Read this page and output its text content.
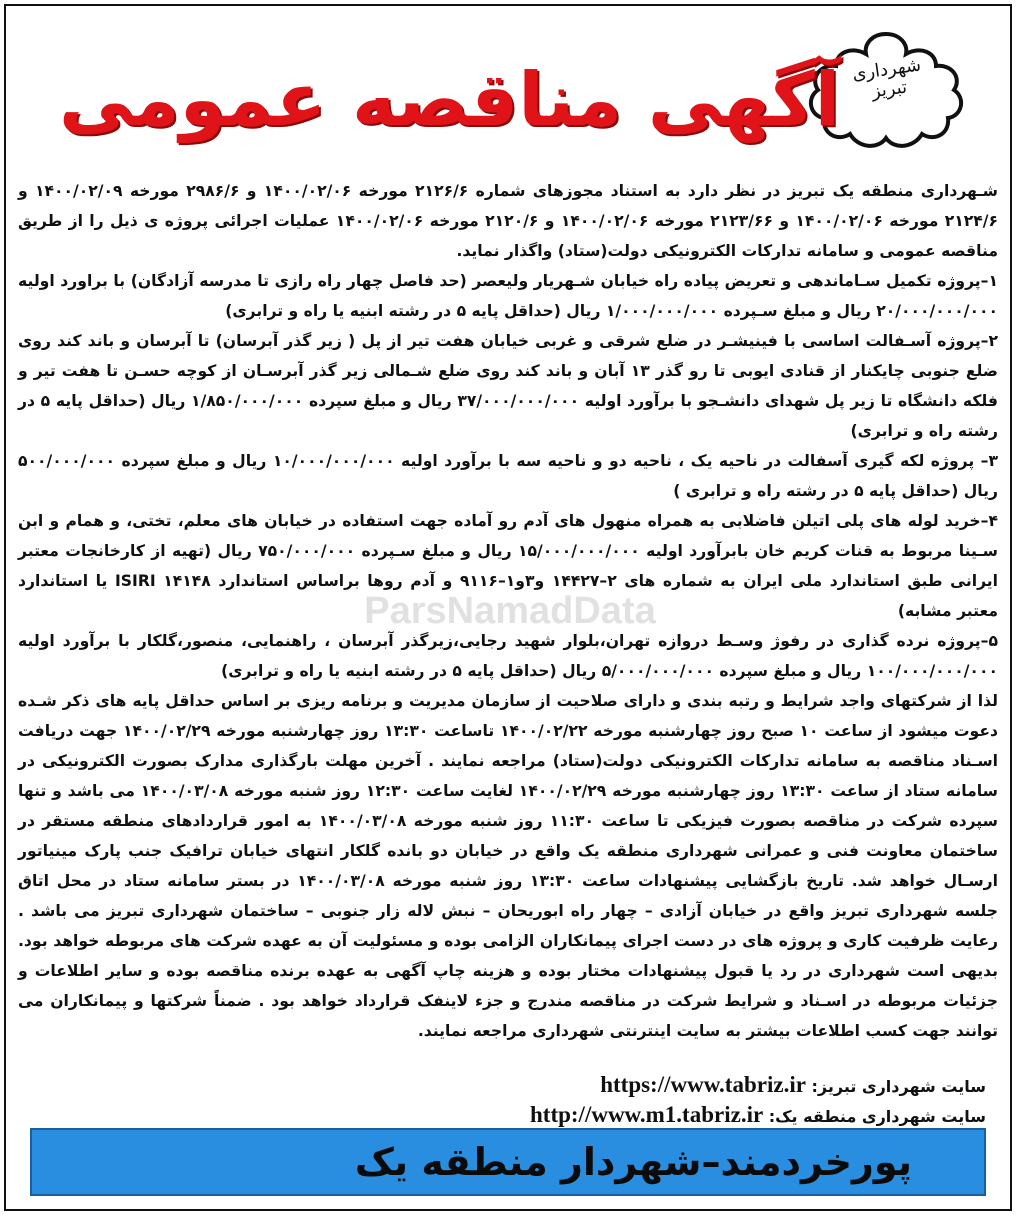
شهرداری تبریز
آگهی مناقصه عمومی
ParsNamadData

شـهرداری منطقه یک تبریز در نظر دارد به استناد مجوزهای شماره ۲۱۲۶/۶ مورخه ۱۴۰۰/۰۲/۰۶ و ۲۹۸۶/۶ مورخه ۱۴۰۰/۰۲/۰۹ و ۲۱۲۴/۶ مورخه ۱۴۰۰/۰۲/۰۶ و ۲۱۲۳/۶۶ مورخه ۱۴۰۰/۰۲/۰۶ و ۲۱۲۰/۶ مورخه ۱۴۰۰/۰۲/۰۶ عملیات اجرائی پروژه ی ذیل را از طریق مناقصه عمومی و سامانه تدارکات الکترونیکی دولت(ستاد) واگذار نماید.

۱–پروژه تکمیل سـاماندهی و تعریض پیاده راه خیابان شـهریار ولیعصر (حد فاصل چهار راه رازی تا مدرسه آزادگان) با براورد اولیه ۲۰/۰۰۰/۰۰۰/۰۰۰ ریال و مبلغ سـپرده ۱/۰۰۰/۰۰۰/۰۰۰ ریال (حداقل پایه ۵ در رشته ابنیه یا راه و ترابری)

۲–پروژه آسـفالت اساسی با فینیشـر در ضلع شرقی و غربی خیابان هفت تیر از پل ( زیر گذر آبرسان) تا آبرسان و باند کند روی ضلع جنوبی چایکنار از قنادی ایوبی تا رو گذر ۱۳ آبان و باند کند روی ضلع شـمالی زیر گذر آبرسـان از کوچه حسـن تا هفت تیر و فلکه دانشگاه تا زیر پل شهدای دانشـجو با برآورد اولیه ۳۷/۰۰۰/۰۰۰/۰۰۰ ریال و مبلغ سپرده ۱/۸۵۰/۰۰۰/۰۰۰ ریال (حداقل پایه ۵ در رشته راه و ترابری)

۳– پروژه لکه گیری آسفالت در ناحیه یک ، ناحیه دو و ناحیه سه با برآورد اولیه ۱۰/۰۰۰/۰۰۰/۰۰۰ ریال و مبلغ سپرده ۵۰۰/۰۰۰/۰۰۰ ریال (حداقل پایه ۵ در رشته راه و ترابری )

۴–خرید لوله های پلی اتیلن فاضلابی به همراه منهول های آدم رو آماده جهت استفاده در خیابان های معلم، تختی، و همام و ابن سـینا مربوط به قنات کریم خان بابرآورد اولیه ۱۵/۰۰۰/۰۰۰/۰۰۰ ریال و مبلغ سـپرده ۷۵۰/۰۰۰/۰۰۰ ریال (تهیه از کارخانجات معتبر ایرانی طبق استاندارد ملی ایران به شماره های ۲–۱۴۴۲۷ و۳و۱–۹۱۱۶ و آدم روها براساس استاندارد ۱۴۱۴۸ ISIRI یا استاندارد معتبر مشابه)

۵–پروژه نرده گذاری در رفوژ وسـط دروازه تهران،بلوار شهید رجایی،زیرگذر آبرسان ، راهنمایی، منصور،گلکار با برآورد اولیه ۱۰۰/۰۰۰/۰۰۰/۰۰۰ ریال و مبلغ سپرده ۵/۰۰۰/۰۰۰/۰۰۰ ریال (حداقل پایه ۵ در رشته ابنیه یا راه و ترابری)

لذا از شرکتهای واجد شرایط و رتبه بندی و دارای صلاحیت از سازمان مدیریت و برنامه ریزی بر اساس حداقل پایه های ذکر شـده دعوت میشود از ساعت ۱۰ صبح روز چهارشنبه مورخه ۱۴۰۰/۰۲/۲۲ تاساعت ۱۳:۳۰ روز چهارشنبه مورخه ۱۴۰۰/۰۲/۲۹ جهت دریافت اسـناد مناقصه به سامانه تدارکات الکترونیکی دولت(ستاد) مراجعه نمایند . آخرین مهلت بارگذاری مدارک بصورت الکترونیکی در سامانه ستاد از ساعت ۱۳:۳۰ روز چهارشنبه مورخه ۱۴۰۰/۰۲/۲۹ لغایت ساعت ۱۲:۳۰ روز شنبه مورخه ۱۴۰۰/۰۳/۰۸ می باشد و تنها سپرده شرکت در مناقصه بصورت فیزیکی تا ساعت ۱۱:۳۰ روز شنبه مورخه ۱۴۰۰/۰۳/۰۸ به امور قراردادهای منطقه مستقر در ساختمان معاونت فنی و عمرانی شهرداری منطقه یک واقع در خیابان دو بانده گلکار انتهای خیابان ترافیک جنب پارک مینیاتور ارسـال خواهد شد. تاریخ بازگشایی پیشنهادات ساعت ۱۳:۳۰ روز شنبه مورخه ۱۴۰۰/۰۳/۰۸ در بستر سامانه ستاد در محل اتاق جلسه شهرداری تبریز واقع در خیابان آزادی – چهار راه ابوریحان – نبش لاله زار جنوبی – ساختمان شهرداری تبریز می باشد . رعایت ظرفیت کاری و پروژه های در دست اجرای پیمانکاران الزامی بوده و مسئولیت آن به عهده شرکت های مربوطه خواهد بود. بدیهی است شهرداری در رد یا قبول پیشنهادات مختار بوده و هزینه چاپ آگهی به عهده برنده مناقصه بوده و سایر اطلاعات و جزئیات مربوطه در اسـناد و شرایط شرکت در مناقصه مندرج و جزء لاینفک قرارداد خواهد بود . ضمناً شرکتها و پیمانکاران می توانند جهت کسب اطلاعات بیشتر به سایت اینترنتی شهرداری مراجعه نمایند.

سایت شهرداری تبریز: https://www.tabriz.ir
سایت شهرداری منطقه یک: http://www.m1.tabriz.ir
پورخردمند–شهردار منطقه یک
